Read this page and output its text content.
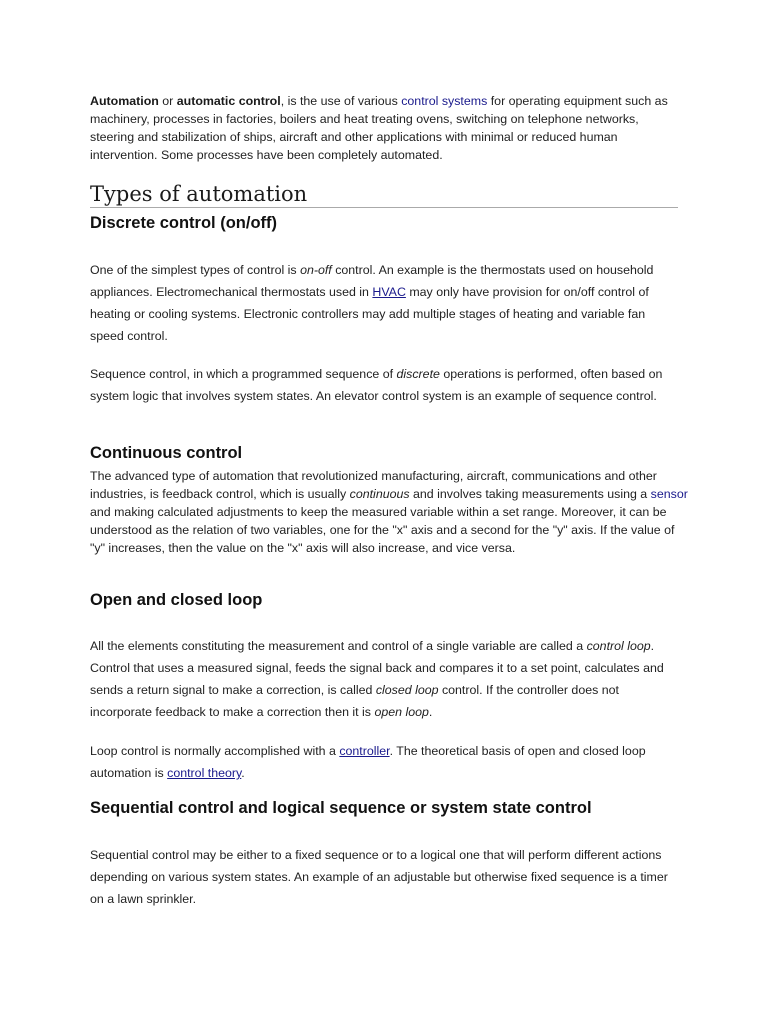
Automation or automatic control, is the use of various control systems for operating equipment such as machinery, processes in factories, boilers and heat treating ovens, switching on telephone networks, steering and stabilization of ships, aircraft and other applications with minimal or reduced human intervention. Some processes have been completely automated.

Types of automation
Discrete control (on/off)

One of the simplest types of control is on-off control. An example is the thermostats used on household appliances. Electromechanical thermostats used in HVAC may only have provision for on/off control of heating or cooling systems. Electronic controllers may add multiple stages of heating and variable fan speed control.

Sequence control, in which a programmed sequence of discrete operations is performed, often based on system logic that involves system states. An elevator control system is an example of sequence control.

Continuous control

The advanced type of automation that revolutionized manufacturing, aircraft, communications and other industries, is feedback control, which is usually continuous and involves taking measurements using a sensor and making calculated adjustments to keep the measured variable within a set range. Moreover, it can be understood as the relation of two variables, one for the "x" axis and a second for the "y" axis. If the value of "y" increases, then the value on the "x" axis will also increase, and vice versa.

Open and closed loop

All the elements constituting the measurement and control of a single variable are called a control loop. Control that uses a measured signal, feeds the signal back and compares it to a set point, calculates and sends a return signal to make a correction, is called closed loop control. If the controller does not incorporate feedback to make a correction then it is open loop.

Loop control is normally accomplished with a controller. The theoretical basis of open and closed loop automation is control theory.

Sequential control and logical sequence or system state control

Sequential control may be either to a fixed sequence or to a logical one that will perform different actions depending on various system states. An example of an adjustable but otherwise fixed sequence is a timer on a lawn sprinkler.
